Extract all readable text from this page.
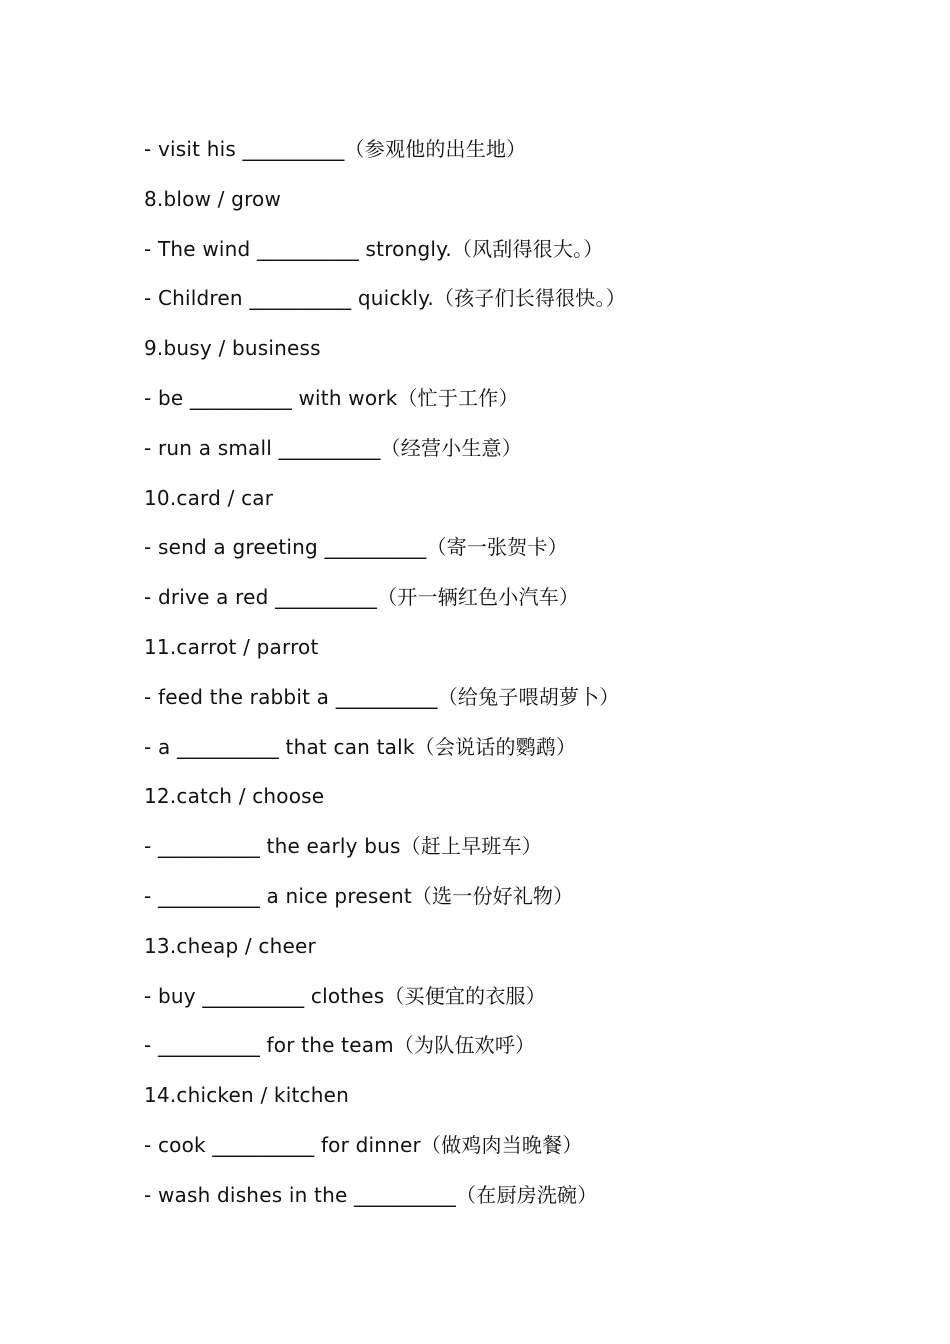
- visit his __________（参观他的出生地）
8.blow / grow
- The wind __________ strongly.（风刮得很大。）
- Children __________ quickly.（孩子们长得很快。）
9.busy / business
- be __________ with work（忙于工作）
- run a small __________（经营小生意）
10.card / car
- send a greeting __________（寄一张贺卡）
- drive a red __________（开一辆红色小汽车）
11.carrot / parrot
- feed the rabbit a __________（给兔子喂胡萝卜）
- a __________ that can talk（会说话的鹦鹉）
12.catch / choose
- __________ the early bus（赶上早班车）
- __________ a nice present（选一份好礼物）
13.cheap / cheer
- buy __________ clothes（买便宜的衣服）
- __________ for the team（为队伍欢呼）
14.chicken / kitchen
- cook __________ for dinner（做鸡肉当晚餐）
- wash dishes in the __________（在厨房洗碗）
